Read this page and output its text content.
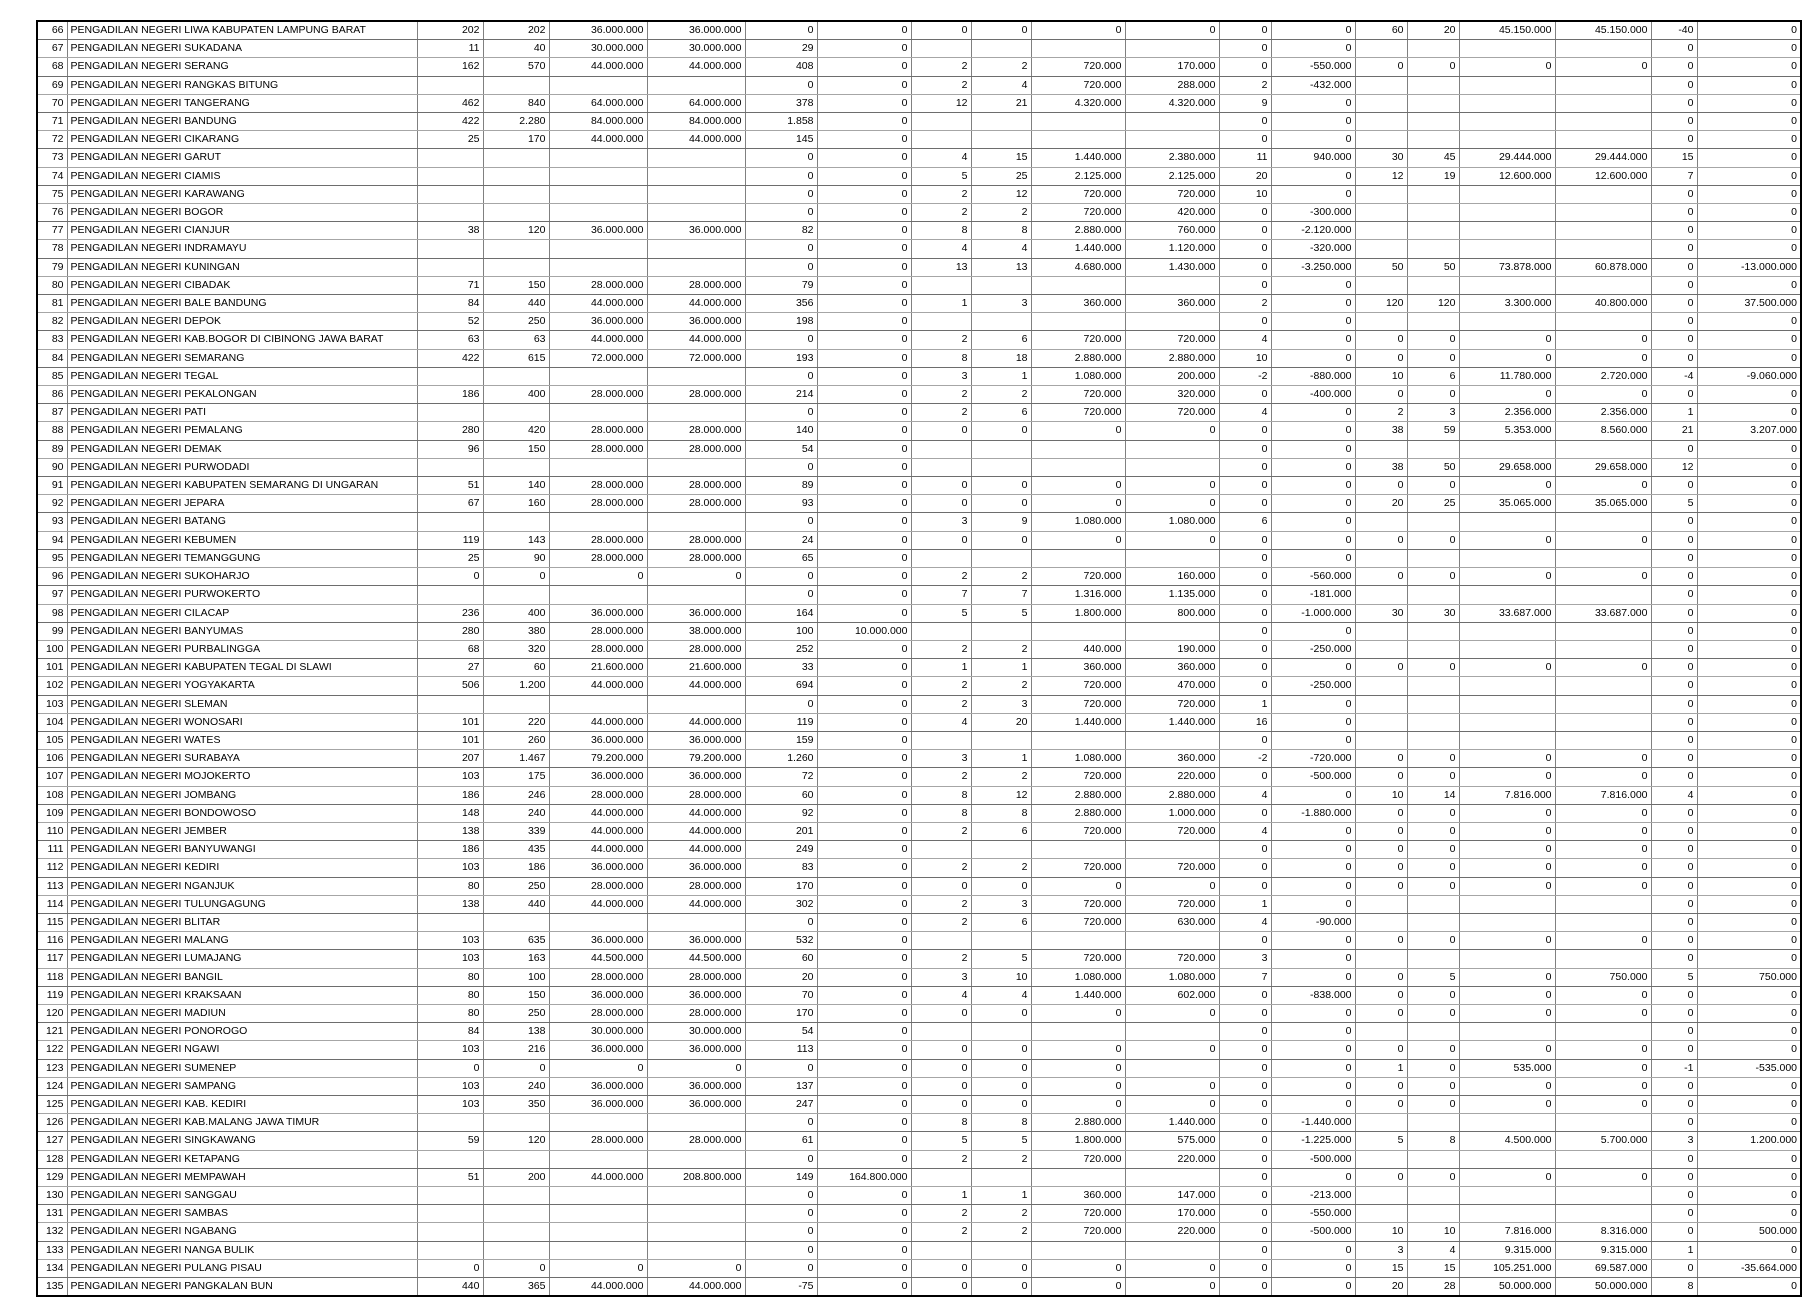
66	PENGADILAN NEGERI LIWA KABUPATEN LAMPUNG BARAT	202	202	36.000.000	36.000.000	0	0	0	0	0	0	0	0	60	20	45.150.000	45.150.000	-40	0
67	PENGADILAN NEGERI SUKADANA	11	40	30.000.000	30.000.000	29	0					0	0					0	0
68	PENGADILAN NEGERI SERANG	162	570	44.000.000	44.000.000	408	0	2	2	720.000	170.000	0	-550.000	0	0	0	0	0	0
69	PENGADILAN NEGERI RANGKAS BITUNG					0	0	2	4	720.000	288.000	2	-432.000					0	0
70	PENGADILAN NEGERI TANGERANG	462	840	64.000.000	64.000.000	378	0	12	21	4.320.000	4.320.000	9	0					0	0
71	PENGADILAN NEGERI BANDUNG	422	2.280	84.000.000	84.000.000	1.858	0					0	0					0	0
72	PENGADILAN NEGERI CIKARANG	25	170	44.000.000	44.000.000	145	0					0	0					0	0
73	PENGADILAN NEGERI GARUT					0	0	4	15	1.440.000	2.380.000	11	940.000	30	45	29.444.000	29.444.000	15	0
74	PENGADILAN NEGERI CIAMIS					0	0	5	25	2.125.000	2.125.000	20	0	12	19	12.600.000	12.600.000	7	0
75	PENGADILAN NEGERI KARAWANG					0	0	2	12	720.000	720.000	10	0					0	0
76	PENGADILAN NEGERI BOGOR					0	0	2	2	720.000	420.000	0	-300.000					0	0
77	PENGADILAN NEGERI CIANJUR	38	120	36.000.000	36.000.000	82	0	8	8	2.880.000	760.000	0	-2.120.000					0	0
78	PENGADILAN NEGERI INDRAMAYU					0	0	4	4	1.440.000	1.120.000	0	-320.000					0	0
79	PENGADILAN NEGERI KUNINGAN					0	0	13	13	4.680.000	1.430.000	0	-3.250.000	50	50	73.878.000	60.878.000	0	-13.000.000
80	PENGADILAN NEGERI CIBADAK	71	150	28.000.000	28.000.000	79	0					0	0					0	0
81	PENGADILAN NEGERI BALE BANDUNG	84	440	44.000.000	44.000.000	356	0	1	3	360.000	360.000	2	0	120	120	3.300.000	40.800.000	0	37.500.000
82	PENGADILAN NEGERI DEPOK	52	250	36.000.000	36.000.000	198	0					0	0					0	0
83	PENGADILAN NEGERI KAB.BOGOR DI CIBINONG JAWA BARAT	63	63	44.000.000	44.000.000	0	0	2	6	720.000	720.000	4	0	0	0	0	0	0	0
84	PENGADILAN NEGERI SEMARANG	422	615	72.000.000	72.000.000	193	0	8	18	2.880.000	2.880.000	10	0	0	0	0	0	0	0
85	PENGADILAN NEGERI TEGAL					0	0	3	1	1.080.000	200.000	-2	-880.000	10	6	11.780.000	2.720.000	-4	-9.060.000
86	PENGADILAN NEGERI PEKALONGAN	186	400	28.000.000	28.000.000	214	0	2	2	720.000	320.000	0	-400.000	0	0	0	0	0	0
87	PENGADILAN NEGERI PATI					0	0	2	6	720.000	720.000	4	0	2	3	2.356.000	2.356.000	1	0
88	PENGADILAN NEGERI PEMALANG	280	420	28.000.000	28.000.000	140	0	0	0	0	0	0	0	38	59	5.353.000	8.560.000	21	3.207.000
89	PENGADILAN NEGERI DEMAK	96	150	28.000.000	28.000.000	54	0					0	0					0	0
90	PENGADILAN NEGERI PURWODADI					0	0					0	0	38	50	29.658.000	29.658.000	12	0
91	PENGADILAN NEGERI KABUPATEN SEMARANG DI UNGARAN	51	140	28.000.000	28.000.000	89	0	0	0	0	0	0	0	0	0	0	0	0	0
92	PENGADILAN NEGERI JEPARA	67	160	28.000.000	28.000.000	93	0	0	0	0	0	0	0	20	25	35.065.000	35.065.000	5	0
93	PENGADILAN NEGERI BATANG					0	0	3	9	1.080.000	1.080.000	6	0					0	0
94	PENGADILAN NEGERI KEBUMEN	119	143	28.000.000	28.000.000	24	0	0	0	0	0	0	0	0	0	0	0	0	0
95	PENGADILAN NEGERI TEMANGGUNG	25	90	28.000.000	28.000.000	65	0					0	0					0	0
96	PENGADILAN NEGERI SUKOHARJO	0	0	0	0	0	0	2	2	720.000	160.000	0	-560.000	0	0	0	0	0	0
97	PENGADILAN NEGERI PURWOKERTO					0	0	7	7	1.316.000	1.135.000	0	-181.000					0	0
98	PENGADILAN NEGERI CILACAP	236	400	36.000.000	36.000.000	164	0	5	5	1.800.000	800.000	0	-1.000.000	30	30	33.687.000	33.687.000	0	0
99	PENGADILAN NEGERI BANYUMAS	280	380	28.000.000	38.000.000	100	10.000.000					0	0					0	0
100	PENGADILAN NEGERI PURBALINGGA	68	320	28.000.000	28.000.000	252	0	2	2	440.000	190.000	0	-250.000					0	0
101	PENGADILAN NEGERI KABUPATEN TEGAL DI SLAWI	27	60	21.600.000	21.600.000	33	0	1	1	360.000	360.000	0	0	0	0	0	0	0	0
102	PENGADILAN NEGERI YOGYAKARTA	506	1.200	44.000.000	44.000.000	694	0	2	2	720.000	470.000	0	-250.000					0	0
103	PENGADILAN NEGERI SLEMAN					0	0	2	3	720.000	720.000	1	0					0	0
104	PENGADILAN NEGERI WONOSARI	101	220	44.000.000	44.000.000	119	0	4	20	1.440.000	1.440.000	16	0					0	0
105	PENGADILAN NEGERI WATES	101	260	36.000.000	36.000.000	159	0					0	0					0	0
106	PENGADILAN NEGERI SURABAYA	207	1.467	79.200.000	79.200.000	1.260	0	3	1	1.080.000	360.000	-2	-720.000	0	0	0	0	0	0
107	PENGADILAN NEGERI MOJOKERTO	103	175	36.000.000	36.000.000	72	0	2	2	720.000	220.000	0	-500.000	0	0	0	0	0	0
108	PENGADILAN NEGERI JOMBANG	186	246	28.000.000	28.000.000	60	0	8	12	2.880.000	2.880.000	4	0	10	14	7.816.000	7.816.000	4	0
109	PENGADILAN NEGERI BONDOWOSO	148	240	44.000.000	44.000.000	92	0	8	8	2.880.000	1.000.000	0	-1.880.000	0	0	0	0	0	0
110	PENGADILAN NEGERI JEMBER	138	339	44.000.000	44.000.000	201	0	2	6	720.000	720.000	4	0	0	0	0	0	0	0
111	PENGADILAN NEGERI BANYUWANGI	186	435	44.000.000	44.000.000	249	0					0	0	0	0	0	0	0	0
112	PENGADILAN NEGERI KEDIRI	103	186	36.000.000	36.000.000	83	0	2	2	720.000	720.000	0	0	0	0	0	0	0	0
113	PENGADILAN NEGERI NGANJUK	80	250	28.000.000	28.000.000	170	0	0	0	0	0	0	0	0	0	0	0	0	0
114	PENGADILAN NEGERI TULUNGAGUNG	138	440	44.000.000	44.000.000	302	0	2	3	720.000	720.000	1	0					0	0
115	PENGADILAN NEGERI BLITAR					0	0	2	6	720.000	630.000	4	-90.000					0	0
116	PENGADILAN NEGERI MALANG	103	635	36.000.000	36.000.000	532	0					0	0	0	0	0	0	0	0
117	PENGADILAN NEGERI LUMAJANG	103	163	44.500.000	44.500.000	60	0	2	5	720.000	720.000	3	0					0	0
118	PENGADILAN NEGERI BANGIL	80	100	28.000.000	28.000.000	20	0	3	10	1.080.000	1.080.000	7	0	0	5	0	750.000	5	750.000
119	PENGADILAN NEGERI KRAKSAAN	80	150	36.000.000	36.000.000	70	0	4	4	1.440.000	602.000	0	-838.000	0	0	0	0	0	0
120	PENGADILAN NEGERI MADIUN	80	250	28.000.000	28.000.000	170	0	0	0	0	0	0	0	0	0	0	0	0	0
121	PENGADILAN NEGERI PONOROGO	84	138	30.000.000	30.000.000	54	0					0	0					0	0
122	PENGADILAN NEGERI NGAWI	103	216	36.000.000	36.000.000	113	0	0	0	0	0	0	0	0	0	0	0	0	0
123	PENGADILAN NEGERI SUMENEP	0	0	0	0	0	0	0	0	0		0	0	1	0	535.000	0	-1	-535.000
124	PENGADILAN NEGERI SAMPANG	103	240	36.000.000	36.000.000	137	0	0	0	0	0	0	0	0	0	0	0	0	0
125	PENGADILAN NEGERI KAB. KEDIRI	103	350	36.000.000	36.000.000	247	0	0	0	0	0	0	0	0	0	0	0	0	0
126	PENGADILAN NEGERI KAB.MALANG JAWA TIMUR					0	0	8	8	2.880.000	1.440.000	0	-1.440.000					0	0
127	PENGADILAN NEGERI SINGKAWANG	59	120	28.000.000	28.000.000	61	0	5	5	1.800.000	575.000	0	-1.225.000	5	8	4.500.000	5.700.000	3	1.200.000
128	PENGADILAN NEGERI KETAPANG					0	0	2	2	720.000	220.000	0	-500.000					0	0
129	PENGADILAN NEGERI MEMPAWAH	51	200	44.000.000	208.800.000	149	164.800.000					0	0	0	0	0	0	0	0
130	PENGADILAN NEGERI SANGGAU					0	0	1	1	360.000	147.000	0	-213.000					0	0
131	PENGADILAN NEGERI SAMBAS					0	0	2	2	720.000	170.000	0	-550.000					0	0
132	PENGADILAN NEGERI NGABANG					0	0	2	2	720.000	220.000	0	-500.000	10	10	7.816.000	8.316.000	0	500.000
133	PENGADILAN NEGERI NANGA BULIK					0	0					0	0	3	4	9.315.000	9.315.000	1	0
134	PENGADILAN NEGERI PULANG PISAU	0	0	0	0	0	0	0	0	0	0	0	0	15	15	105.251.000	69.587.000	0	-35.664.000
135	PENGADILAN NEGERI PANGKALAN BUN	440	365	44.000.000	44.000.000	-75	0	0	0	0	0	0	0	20	28	50.000.000	50.000.000	8	0
